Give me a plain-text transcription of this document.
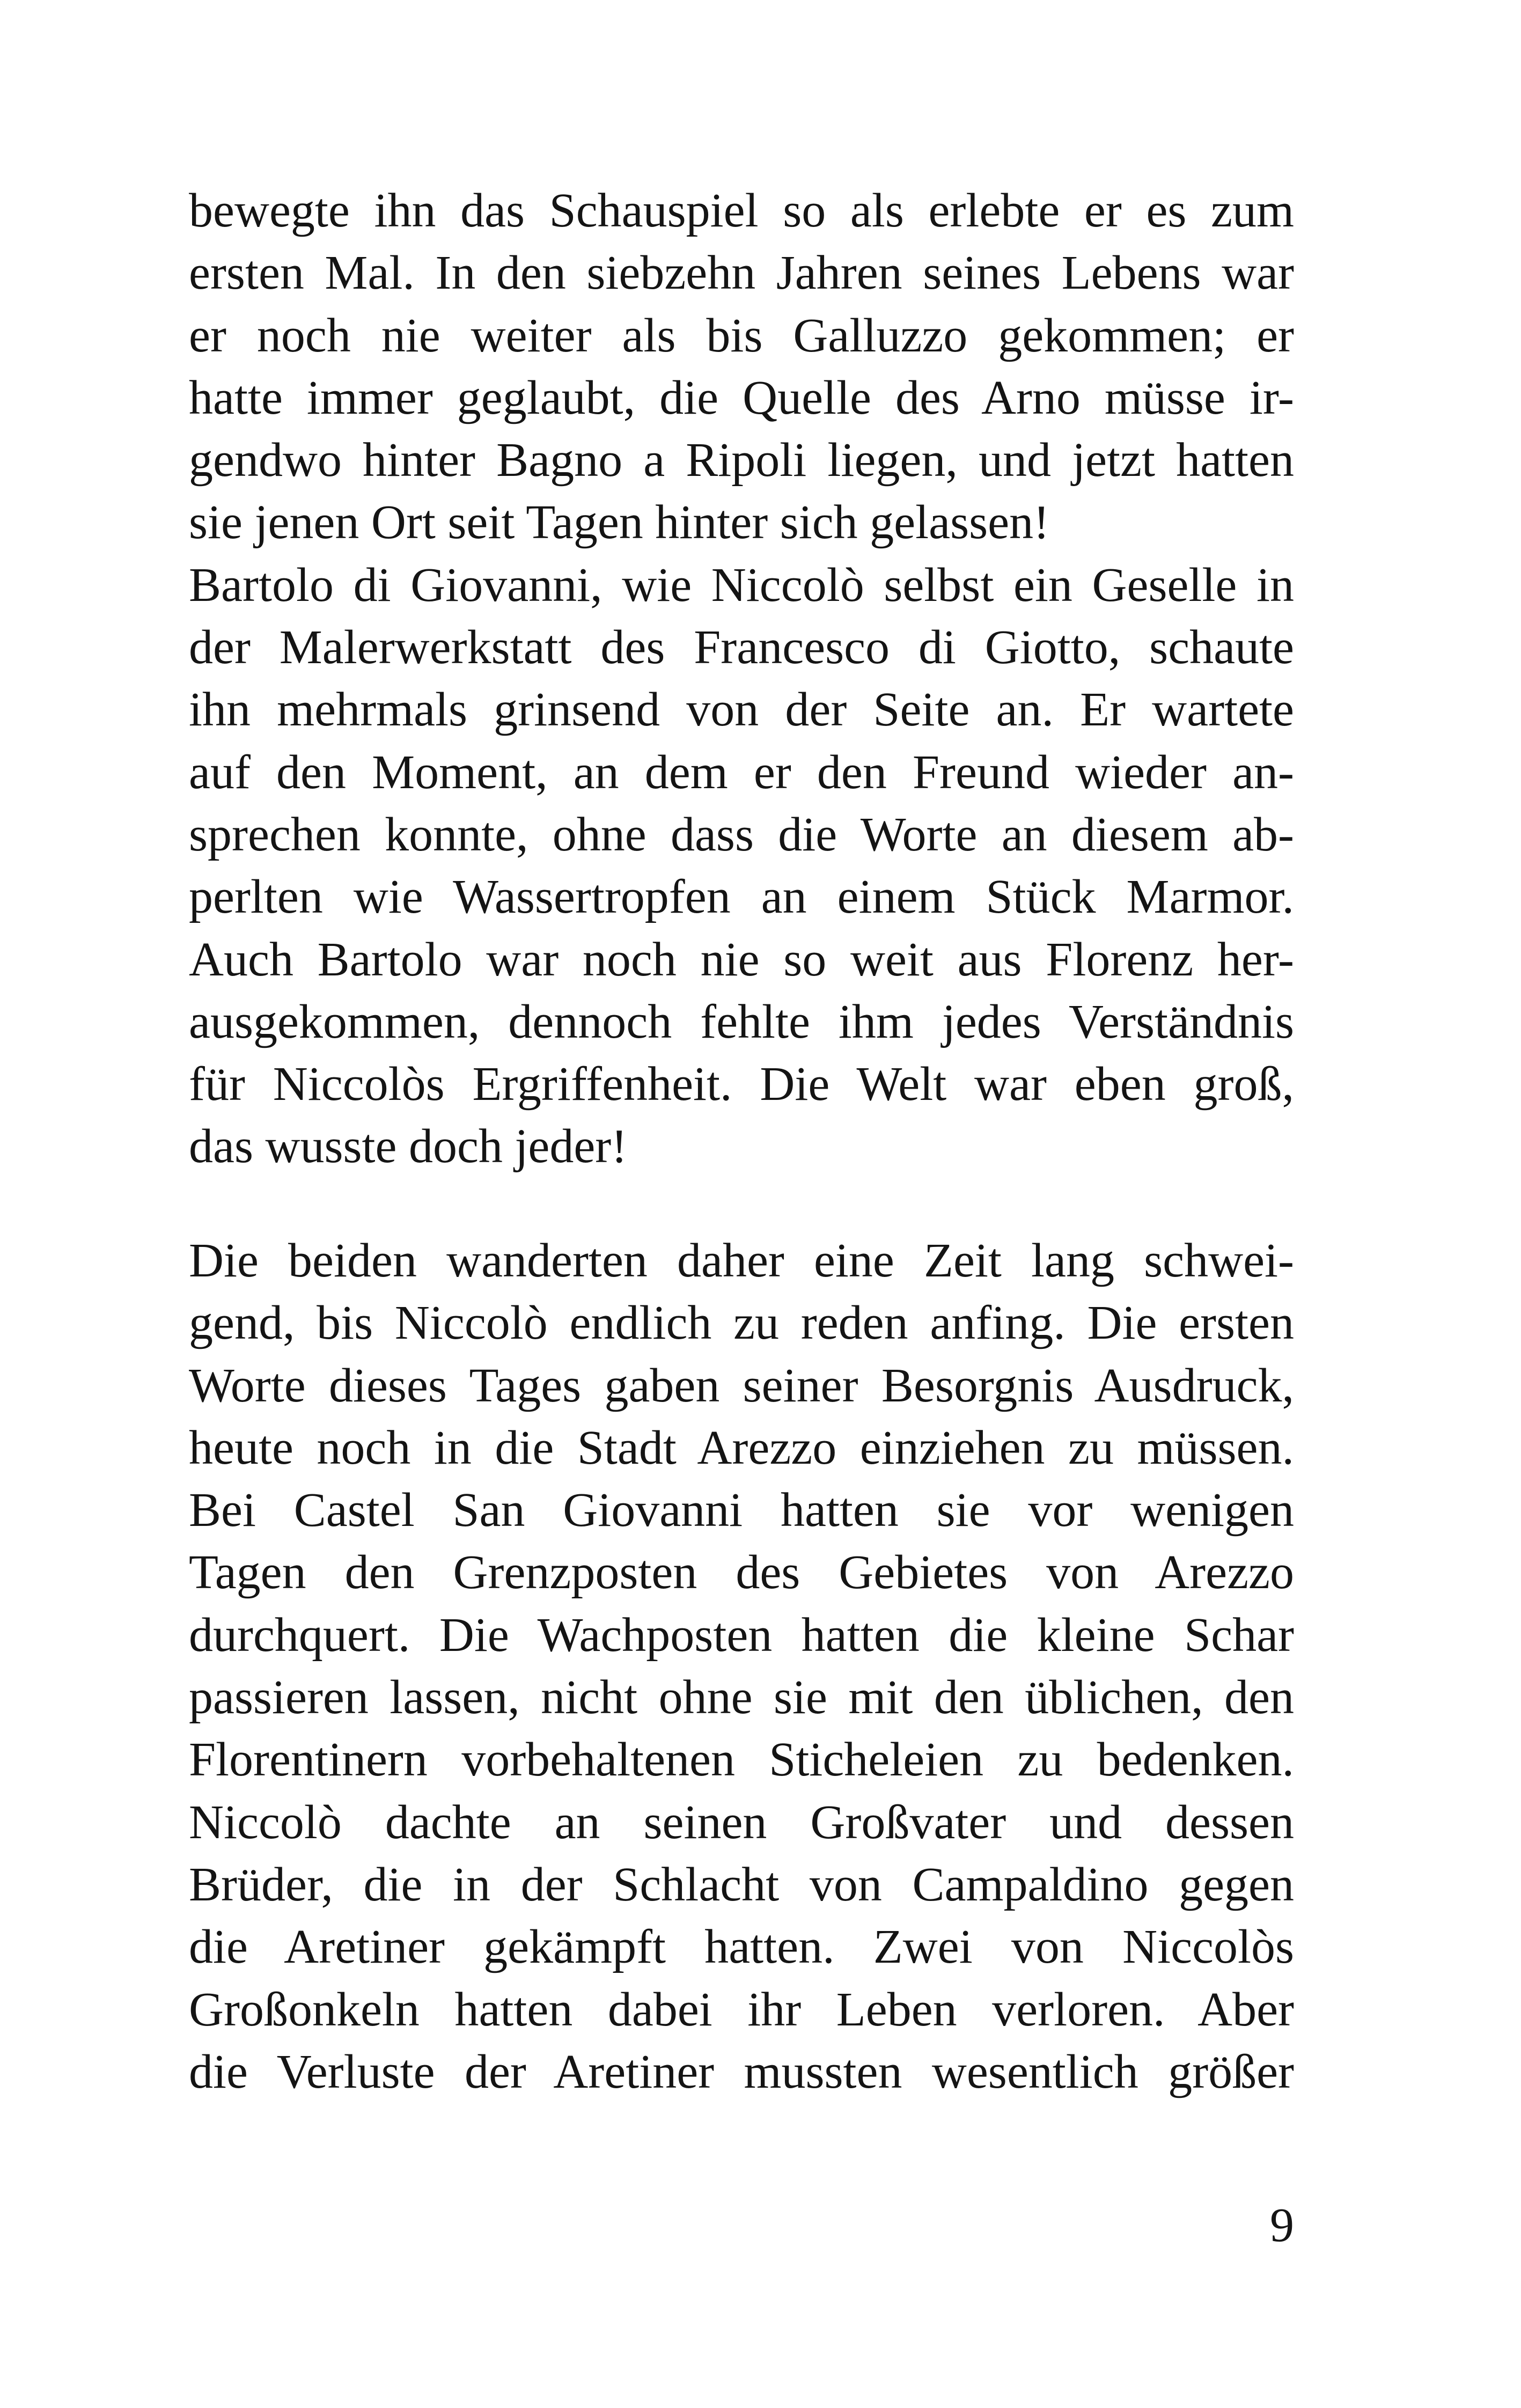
bewegte ihn das Schauspiel so als erlebte er es zum
ersten Mal. In den siebzehn Jahren seines Lebens war
er noch nie weiter als bis Galluzzo gekommen; er
hatte immer geglaubt, die Quelle des Arno müsse ir-
gendwo hinter Bagno a Ripoli liegen, und jetzt hatten
sie jenen Ort seit Tagen hinter sich gelassen!
Bartolo di Giovanni, wie Niccolò selbst ein Geselle in
der Malerwerkstatt des Francesco di Giotto, schaute
ihn mehrmals grinsend von der Seite an. Er wartete
auf den Moment, an dem er den Freund wieder an-
sprechen konnte, ohne dass die Worte an diesem ab-
perlten wie Wassertropfen an einem Stück Marmor.
Auch Bartolo war noch nie so weit aus Florenz her-
ausgekommen, dennoch fehlte ihm jedes Verständnis
für Niccolòs Ergriffenheit. Die Welt war eben groß,
das wusste doch jeder!
Die beiden wanderten daher eine Zeit lang schwei-
gend, bis Niccolò endlich zu reden anfing. Die ersten
Worte dieses Tages gaben seiner Besorgnis Ausdruck,
heute noch in die Stadt Arezzo einziehen zu müssen.
Bei Castel San Giovanni hatten sie vor wenigen
Tagen den Grenzposten des Gebietes von Arezzo
durchquert. Die Wachposten hatten die kleine Schar
passieren lassen, nicht ohne sie mit den üblichen, den
Florentinern vorbehaltenen Sticheleien zu bedenken.
Niccolò dachte an seinen Großvater und dessen
Brüder, die in der Schlacht von Campaldino gegen
die Aretiner gekämpft hatten. Zwei von Niccolòs
Großonkeln hatten dabei ihr Leben verloren. Aber
die Verluste der Aretiner mussten wesentlich größer
9
